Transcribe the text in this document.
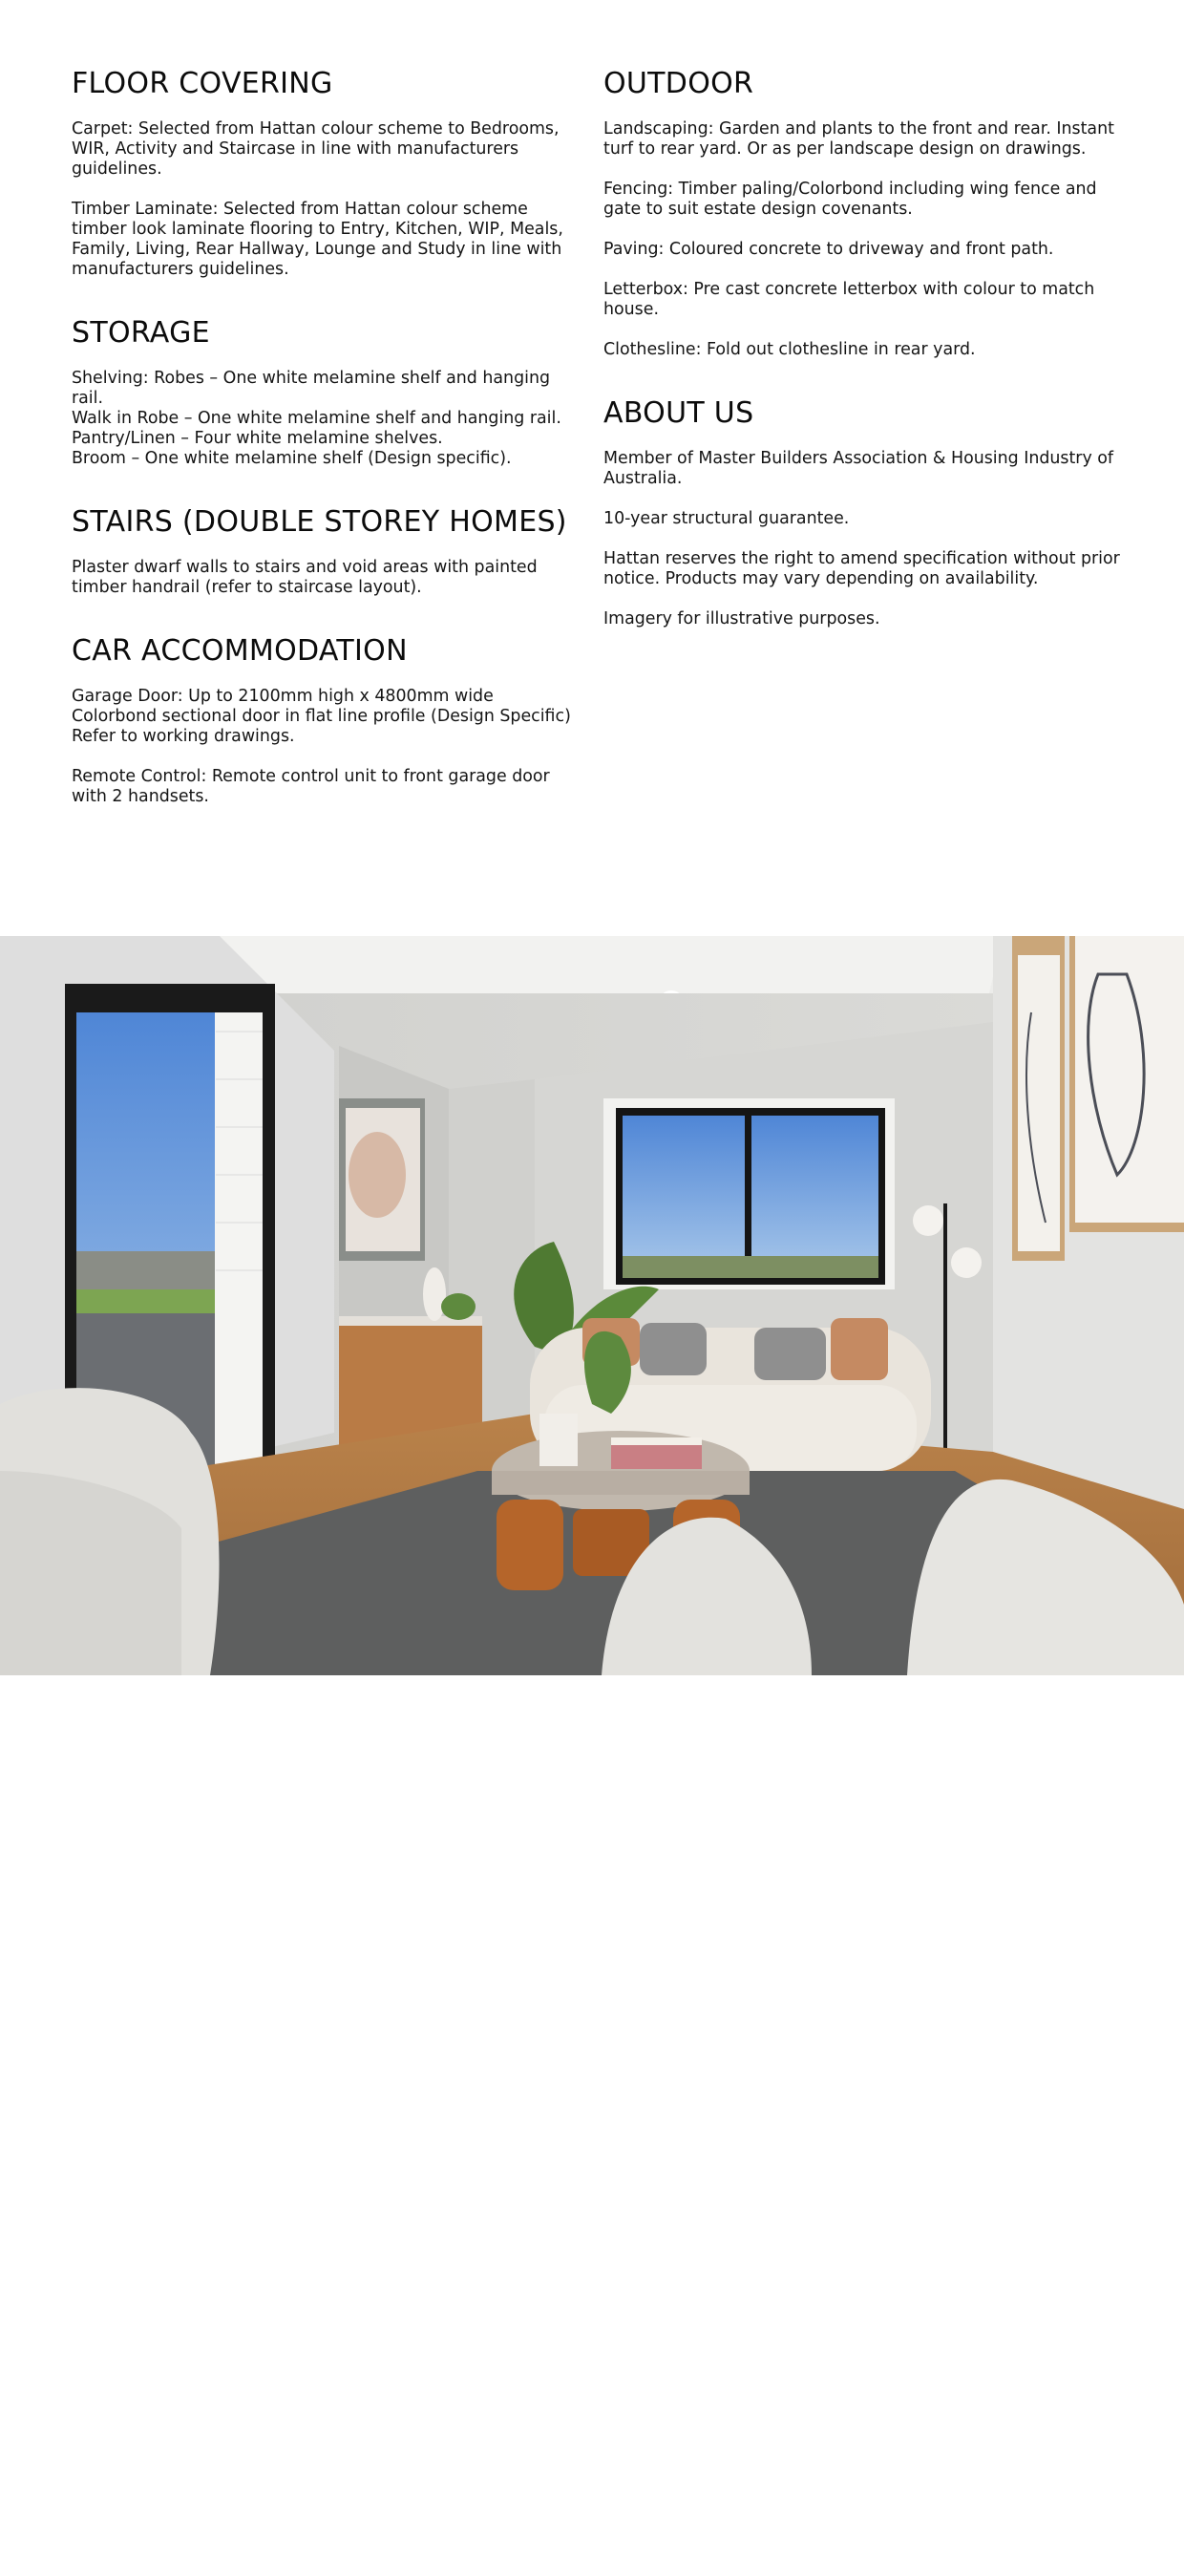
FLOOR COVERING

Carpet: Selected from Hattan colour scheme to Bedrooms, WIR, Activity and Staircase in line with manufacturers guidelines.

Timber Laminate: Selected from Hattan colour scheme timber look laminate flooring to Entry, Kitchen, WIP, Meals, Family, Living, Rear Hallway, Lounge and Study in line with manufacturers guidelines.

STORAGE

Shelving: Robes – One white melamine shelf and hanging rail.

Walk in Robe – One white melamine shelf and hanging rail.

Pantry/Linen – Four white melamine shelves.

Broom – One white melamine shelf (Design specific).

STAIRS (DOUBLE STOREY HOMES)

Plaster dwarf walls to stairs and void areas with painted timber handrail (refer to staircase layout).

CAR ACCOMMODATION

Garage Door: Up to 2100mm high x 4800mm wide Colorbond sectional door in flat line profile (Design Specific) Refer to working drawings.

Remote Control: Remote control unit to front garage door with 2 handsets.

OUTDOOR

Landscaping: Garden and plants to the front and rear. Instant turf to rear yard. Or as per landscape design on drawings.

Fencing: Timber paling/Colorbond including wing fence and gate to suit estate design covenants.

Paving: Coloured concrete to driveway and front path.

Letterbox: Pre cast concrete letterbox with colour to match house.

Clothesline: Fold out clothesline in rear yard.

ABOUT US

Member of Master Builders Association & Housing Industry of Australia.

10-year structural guarantee.

Hattan reserves the right to amend specification without prior notice. Products may vary depending on availability.

Imagery for illustrative purposes.

All images are for illustrative purposes only.
